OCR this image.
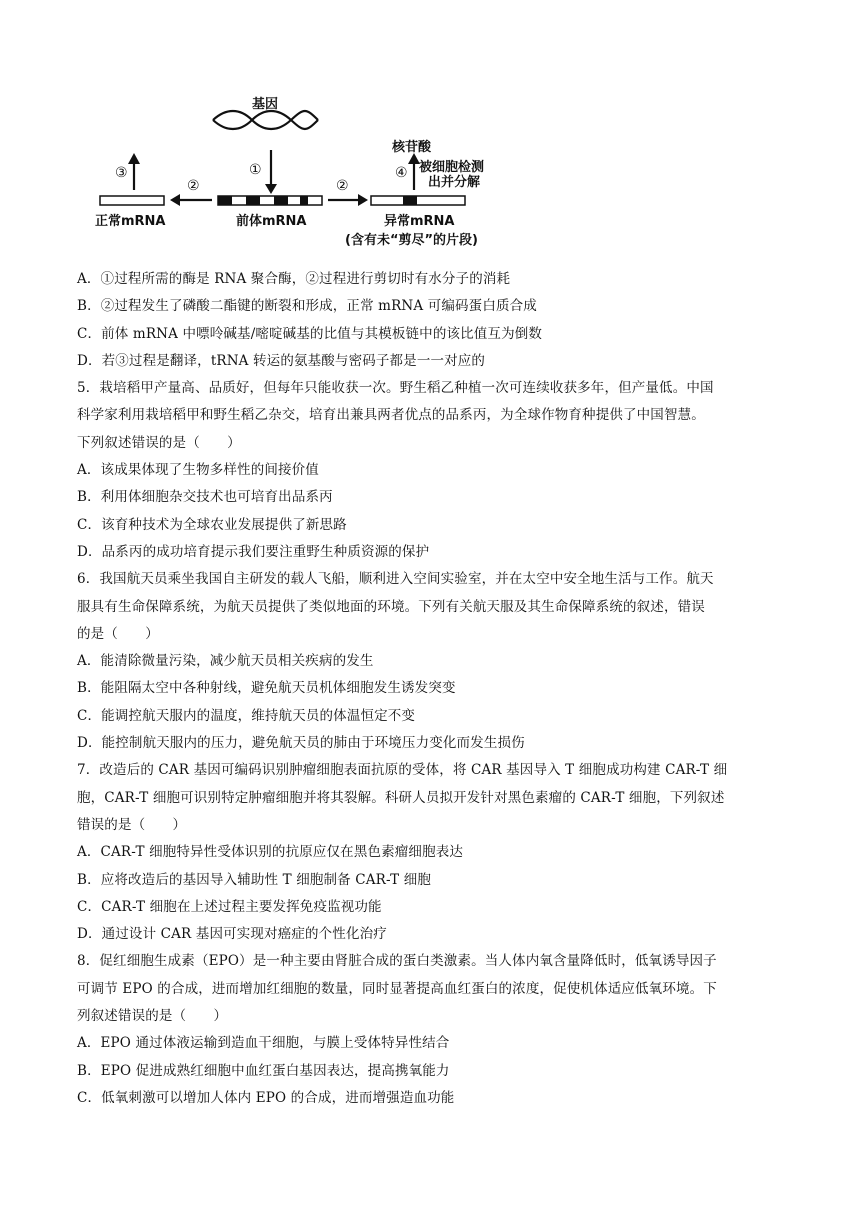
基因
①
②	②
③	④
前体mRNA
正常mRNA	异常mRNA
(含有未“剪尽”的片段)
核苷酸
被细胞检测
出并分解
A．①过程所需的酶是 RNA 聚合酶，②过程进行剪切时有水分子的消耗
B．②过程发生了磷酸二酯键的断裂和形成，正常 mRNA 可编码蛋白质合成
C．前体 mRNA 中嘌呤碱基/嘧啶碱基的比值与其模板链中的该比值互为倒数
D．若③过程是翻译，tRNA 转运的氨基酸与密码子都是一一对应的
5．栽培稻甲产量高、品质好，但每年只能收获一次。野生稻乙种植一次可连续收获多年，但产量低。中国
科学家利用栽培稻甲和野生稻乙杂交，培育出兼具两者优点的品系丙，为全球作物育种提供了中国智慧。
下列叙述错误的是（　　）
A．该成果体现了生物多样性的间接价值
B．利用体细胞杂交技术也可培育出品系丙
C．该育种技术为全球农业发展提供了新思路
D．品系丙的成功培育提示我们要注重野生种质资源的保护
6．我国航天员乘坐我国自主研发的载人飞船，顺利进入空间实验室，并在太空中安全地生活与工作。航天
服具有生命保障系统，为航天员提供了类似地面的环境。下列有关航天服及其生命保障系统的叙述，错误
的是（　　）
A．能清除微量污染，减少航天员相关疾病的发生
B．能阻隔太空中各种射线，避免航天员机体细胞发生诱发突变
C．能调控航天服内的温度，维持航天员的体温恒定不变
D．能控制航天服内的压力，避免航天员的肺由于环境压力变化而发生损伤
7．改造后的 CAR 基因可编码识别肿瘤细胞表面抗原的受体，将 CAR 基因导入 T 细胞成功构建 CAR-T 细
胞，CAR-T 细胞可识别特定肿瘤细胞并将其裂解。科研人员拟开发针对黑色素瘤的 CAR-T 细胞，下列叙述
错误的是（　　）
A．CAR-T 细胞特异性受体识别的抗原应仅在黑色素瘤细胞表达
B．应将改造后的基因导入辅助性 T 细胞制备 CAR-T 细胞
C．CAR-T 细胞在上述过程主要发挥免疫监视功能
D．通过设计 CAR 基因可实现对癌症的个性化治疗
8．促红细胞生成素（EPO）是一种主要由肾脏合成的蛋白类激素。当人体内氧含量降低时，低氧诱导因子
可调节 EPO 的合成，进而增加红细胞的数量，同时显著提高血红蛋白的浓度，促使机体适应低氧环境。下
列叙述错误的是（　　）
A．EPO 通过体液运输到造血干细胞，与膜上受体特异性结合
B．EPO 促进成熟红细胞中血红蛋白基因表达，提高携氧能力
C．低氧刺激可以增加人体内 EPO 的合成，进而增强造血功能
